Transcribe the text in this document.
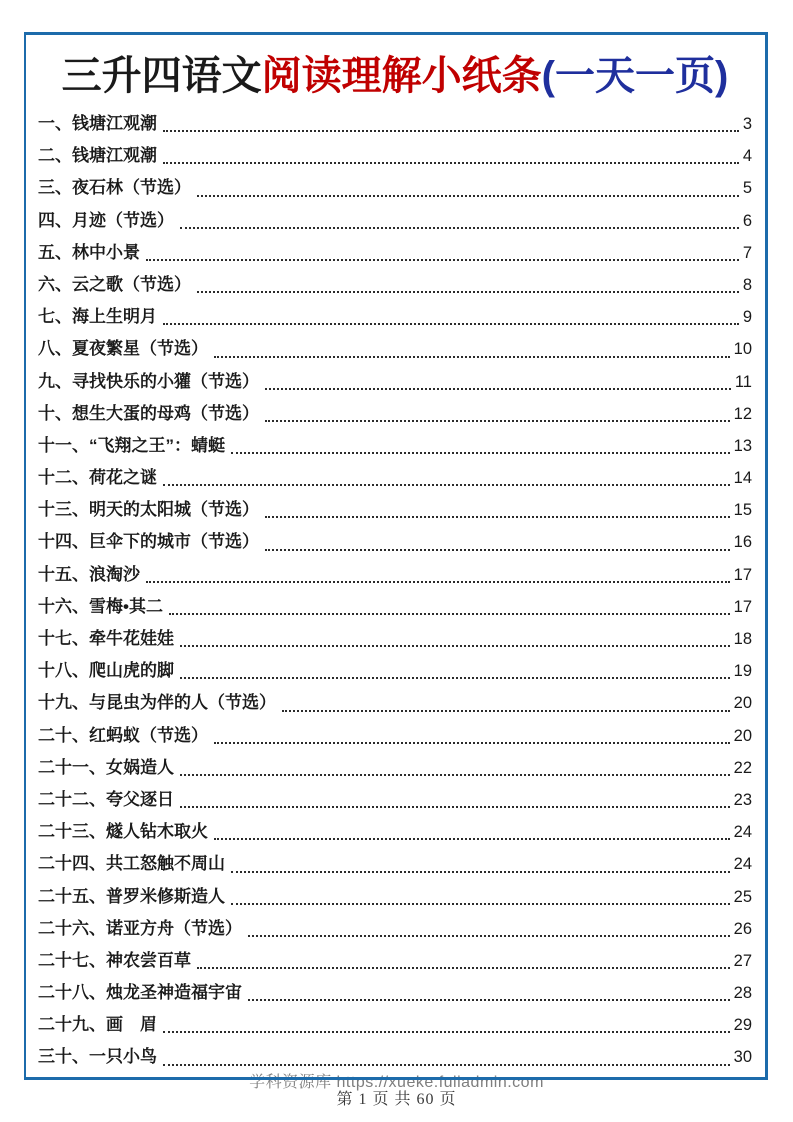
学科资源库 https://xueke.fuliadmin.com
三升四语文阅读理解小纸条(一天一页)
一、钱塘江观潮	3
二、钱塘江观潮	4
三、夜石林（节选）	5
四、月迹（节选）	6
五、林中小景	7
六、云之歌（节选）	8
七、海上生明月	9
八、夏夜繁星（节选）	10
九、寻找快乐的小獾（节选）	11
十、想生大蛋的母鸡（节选）	12
十一、“飞翔之王”：蜻蜓	13
十二、荷花之谜	14
十三、明天的太阳城（节选）	15
十四、巨伞下的城市（节选）	16
十五、浪淘沙	17
十六、雪梅•其二	17
十七、牵牛花娃娃	18
十八、爬山虎的脚	19
十九、与昆虫为伴的人（节选）	20
二十、红蚂蚁（节选）	20
二十一、女娲造人	22
二十二、夸父逐日	23
二十三、燧人钻木取火	24
二十四、共工怒触不周山	24
二十五、普罗米修斯造人	25
二十六、诺亚方舟（节选）	26
二十七、神农尝百草	27
二十八、烛龙圣神造福宇宙	28
二十九、画　眉	29
三十、一只小鸟	30
第 1 页 共 60 页
